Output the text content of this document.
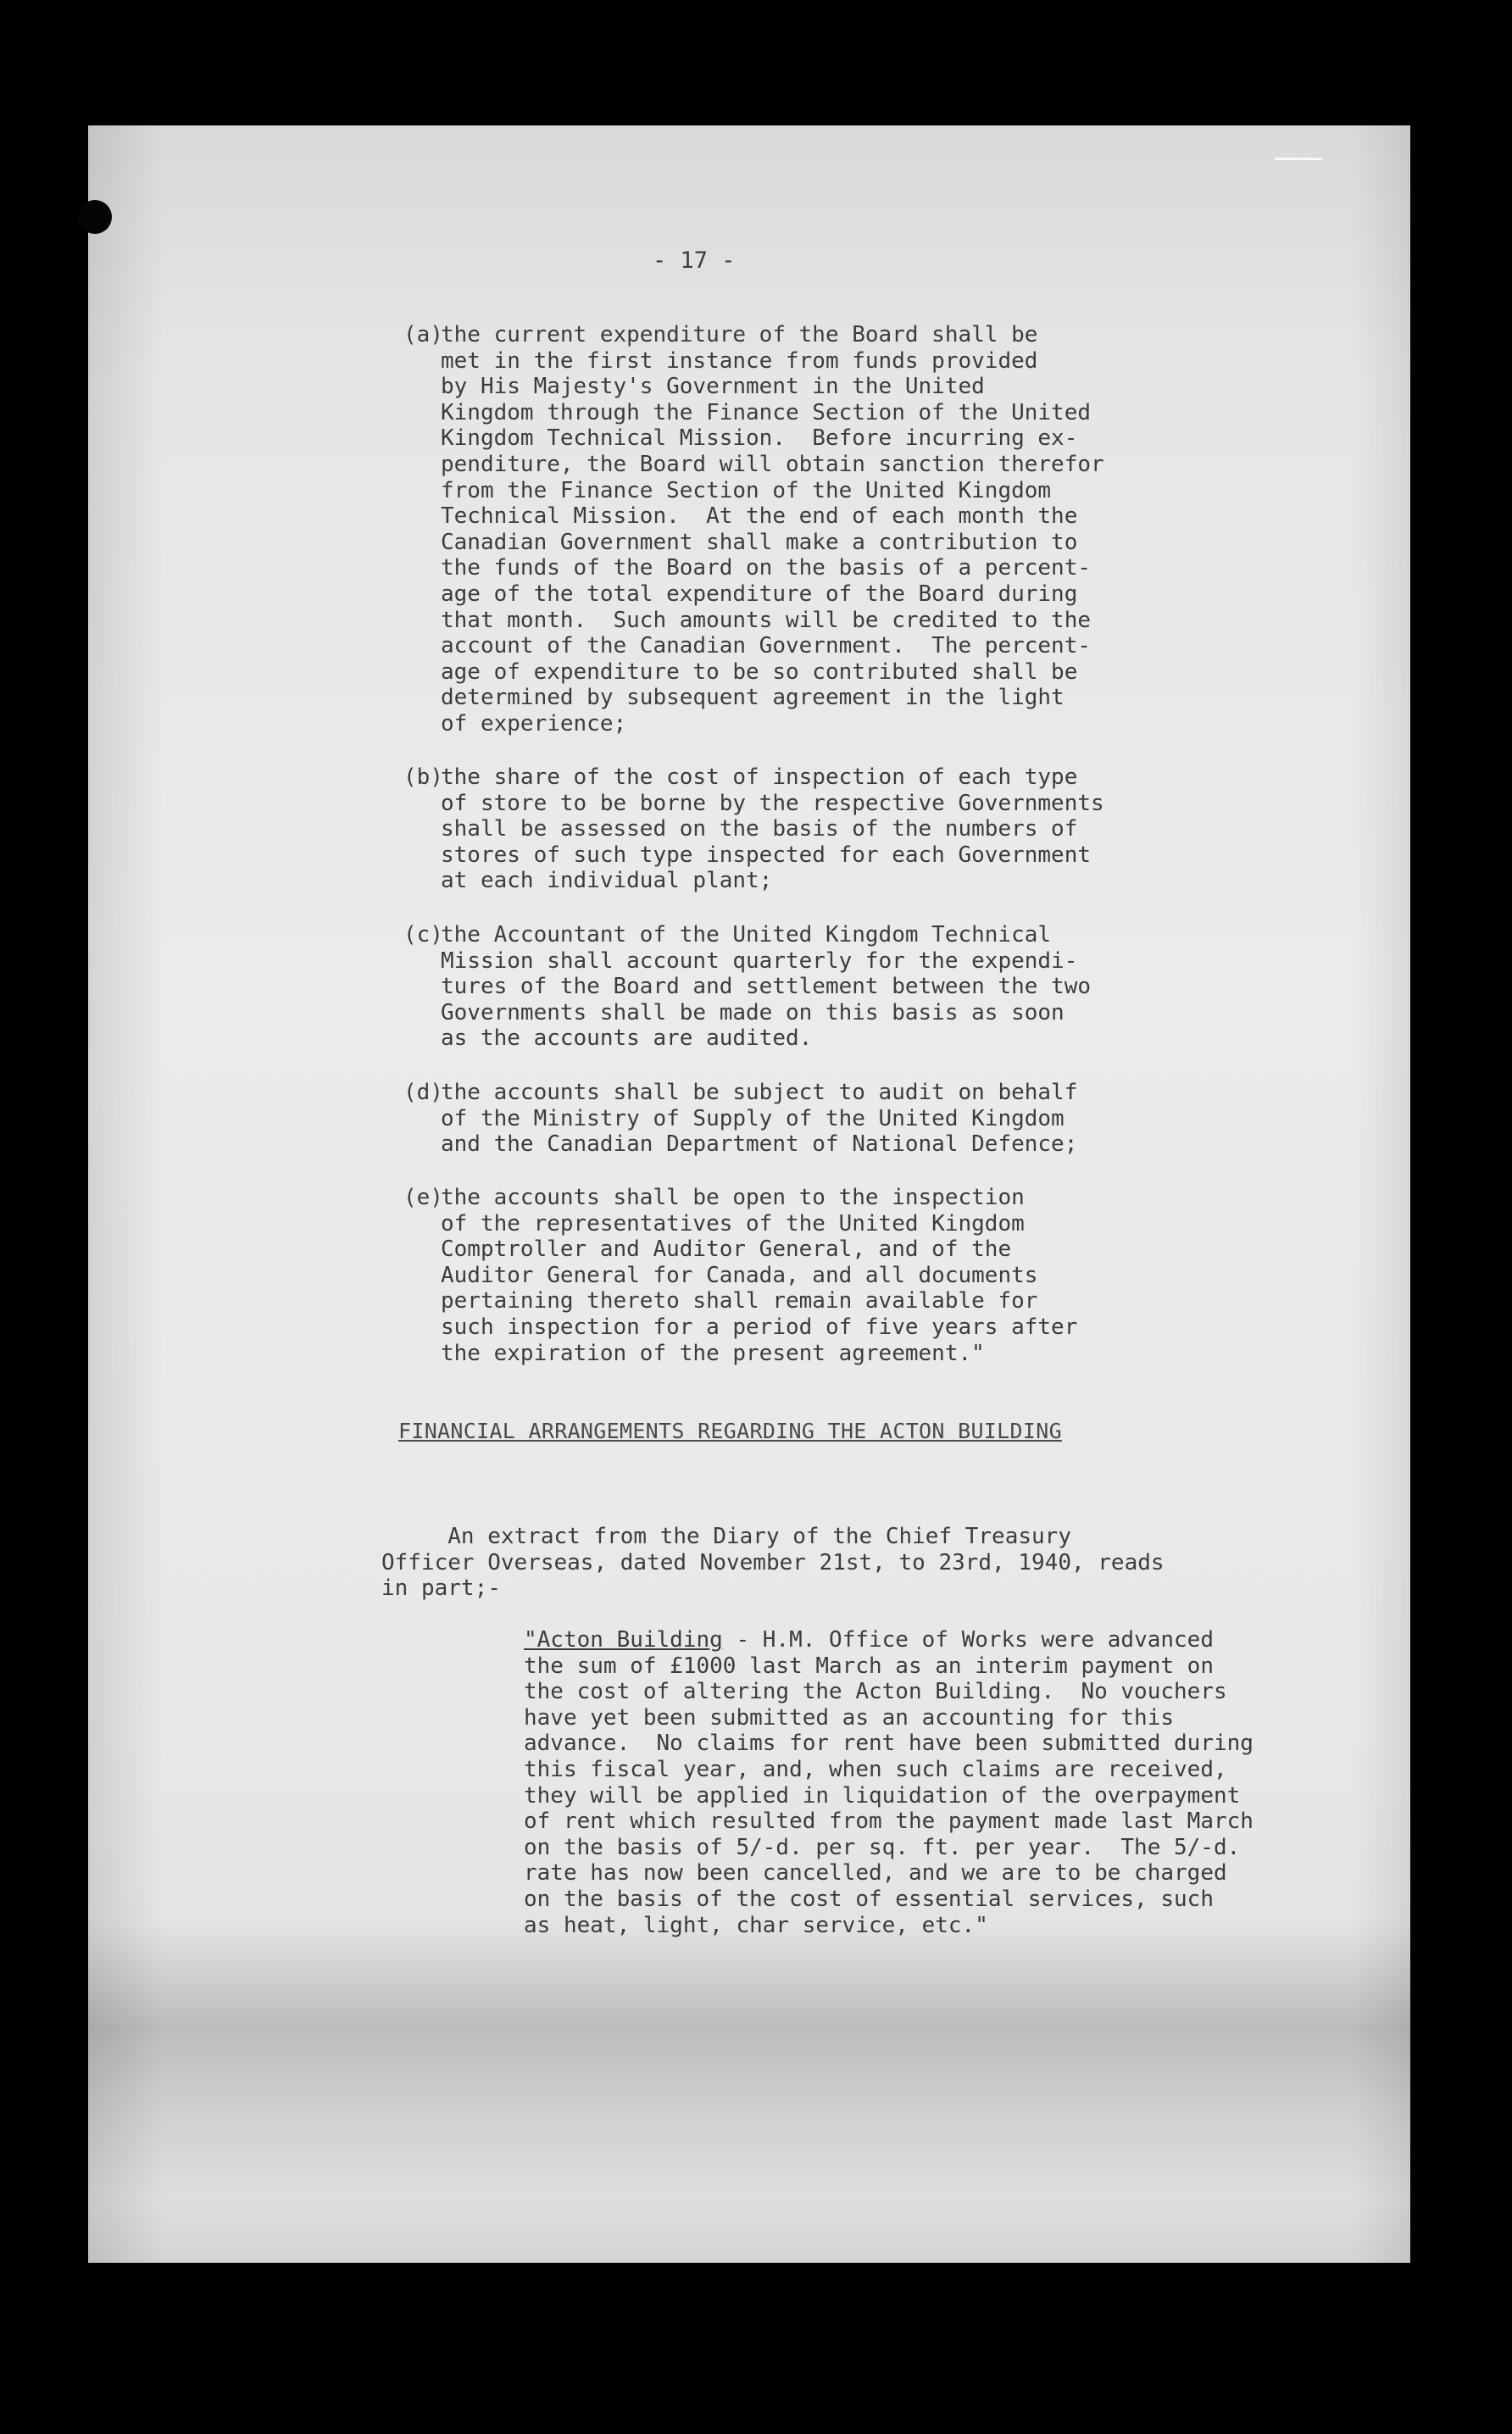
- 17 -
(a)
the current expenditure of the Board shall be
met in the first instance from funds provided
by His Majesty's Government in the United
Kingdom through the Finance Section of the United
Kingdom Technical Mission.  Before incurring ex-
penditure, the Board will obtain sanction therefor
from the Finance Section of the United Kingdom
Technical Mission.  At the end of each month the
Canadian Government shall make a contribution to
the funds of the Board on the basis of a percent-
age of the total expenditure of the Board during
that month.  Such amounts will be credited to the
account of the Canadian Government.  The percent-
age of expenditure to be so contributed shall be
determined by subsequent agreement in the light
of experience;
(b)
the share of the cost of inspection of each type
of store to be borne by the respective Governments
shall be assessed on the basis of the numbers of
stores of such type inspected for each Government
at each individual plant;
(c)
the Accountant of the United Kingdom Technical
Mission shall account quarterly for the expendi-
tures of the Board and settlement between the two
Governments shall be made on this basis as soon
as the accounts are audited.
(d)
the accounts shall be subject to audit on behalf
of the Ministry of Supply of the United Kingdom
and the Canadian Department of National Defence;
(e)
the accounts shall be open to the inspection
of the representatives of the United Kingdom
Comptroller and Auditor General, and of the
Auditor General for Canada, and all documents
pertaining thereto shall remain available for
such inspection for a period of five years after
the expiration of the present agreement."
FINANCIAL ARRANGEMENTS REGARDING THE ACTON BUILDING
An extract from the Diary of the Chief Treasury
Officer Overseas, dated November 21st, to 23rd, 1940, reads
in part;-
"Acton Building - H.M. Office of Works were advanced
the sum of £1000 last March as an interim payment on
the cost of altering the Acton Building.  No vouchers
have yet been submitted as an accounting for this
advance.  No claims for rent have been submitted during
this fiscal year, and, when such claims are received,
they will be applied in liquidation of the overpayment
of rent which resulted from the payment made last March
on the basis of 5/-d. per sq. ft. per year.  The 5/-d.
rate has now been cancelled, and we are to be charged
on the basis of the cost of essential services, such
as heat, light, char service, etc."
